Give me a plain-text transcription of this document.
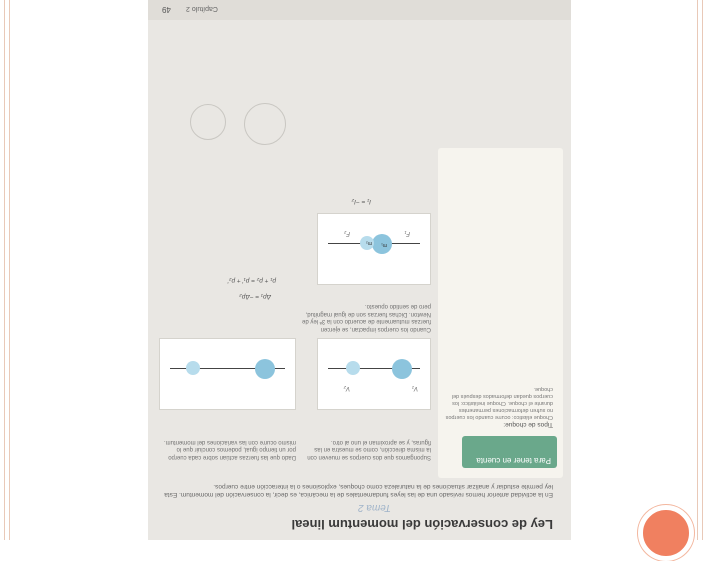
Ley de conservación del momentum lineal
Tema 2
En la actividad anterior hemos revisado una de las leyes fundamentales de la mecánica, es decir, la conservación del momentum. Esta ley permite estudiar y analizar situaciones de la naturaleza como choques, explosiones o la interacción entre cuerpos.
Para tener en cuenta
Tipos de choque:
Choque elástico: ocurre cuando los cuerpos no sufren deformaciones permanentes durante el choque. Choque inelástico: los cuerpos quedan deformados después del choque.
Supongamos que dos cuerpos se mueven con la misma dirección, como se muestra en las figuras, y se aproximan el uno al otro.
V₁
V₂
Cuando los cuerpos impactan, se ejercen fuerzas mutuamente de acuerdo con la 3ª ley de Newton. Dichas fuerzas son de igual magnitud, pero de sentido opuesto.
F₁
F₂
m₁
m₂
I₁ = −I₂
Dado que las fuerzas actúan sobre cada cuerpo por un tiempo igual, podemos concluir que lo mismo ocurre con las variaciones del momentum.
Δp₁ = −Δp₂
p₁ + p₂ = p₁' + p₂'
Capítulo 2
49
